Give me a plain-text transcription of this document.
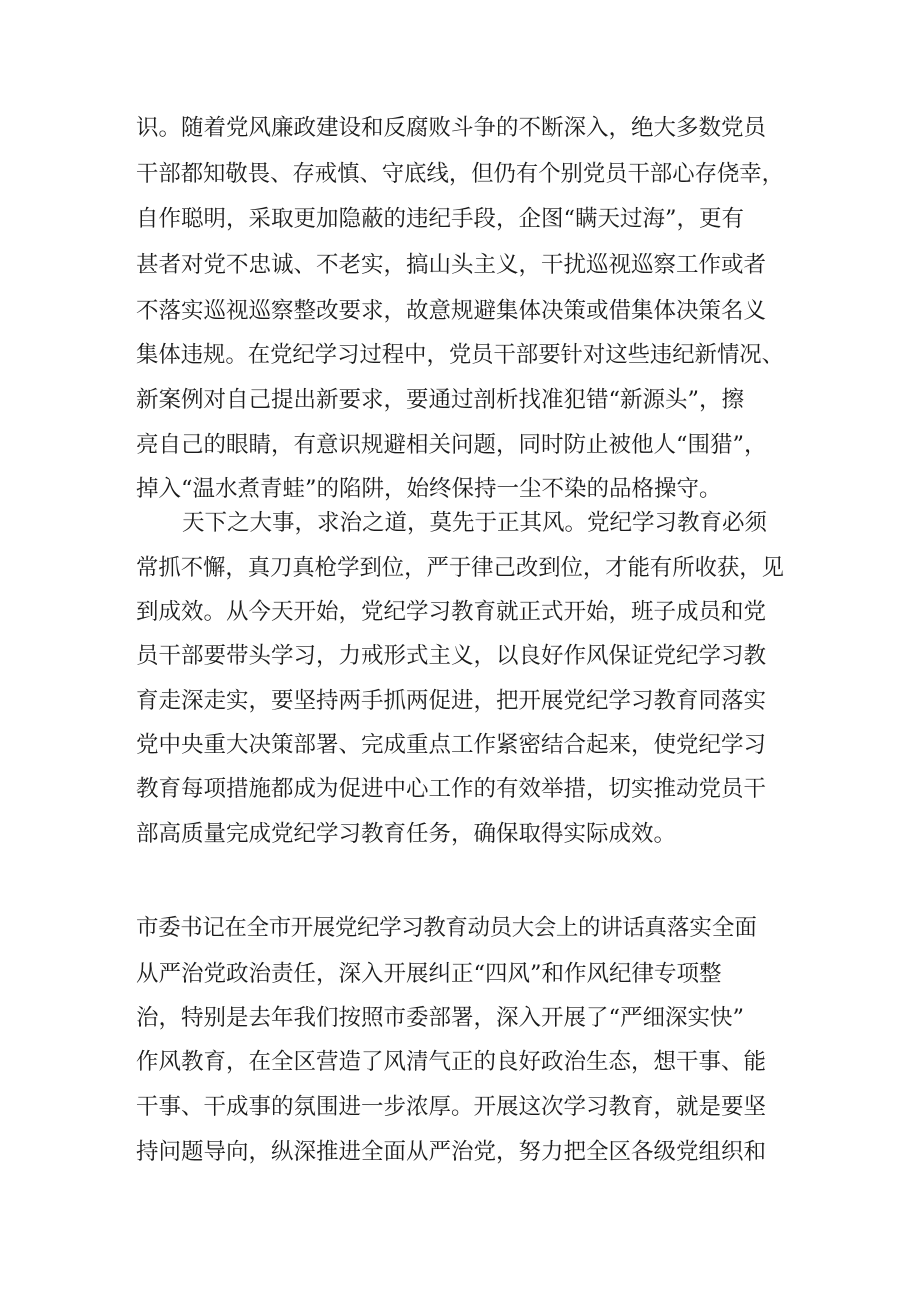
识。随着党风廉政建设和反腐败斗争的不断深入，绝大多数党员
干部都知敬畏、存戒慎、守底线，但仍有个别党员干部心存侥幸，
自作聪明，采取更加隐蔽的违纪手段，企图“瞒天过海”，更有
甚者对党不忠诚、不老实，搞山头主义，干扰巡视巡察工作或者
不落实巡视巡察整改要求，故意规避集体决策或借集体决策名义
集体违规。在党纪学习过程中，党员干部要针对这些违纪新情况、
新案例对自己提出新要求，要通过剖析找准犯错“新源头”，擦
亮自己的眼睛，有意识规避相关问题，同时防止被他人“围猎”，
掉入“温水煮青蛙”的陷阱，始终保持一尘不染的品格操守。
天下之大事，求治之道，莫先于正其风。党纪学习教育必须
常抓不懈，真刀真枪学到位，严于律己改到位，才能有所收获，见
到成效。从今天开始，党纪学习教育就正式开始，班子成员和党
员干部要带头学习，力戒形式主义，以良好作风保证党纪学习教
育走深走实，要坚持两手抓两促进，把开展党纪学习教育同落实
党中央重大决策部署、完成重点工作紧密结合起来，使党纪学习
教育每项措施都成为促进中心工作的有效举措，切实推动党员干
部高质量完成党纪学习教育任务，确保取得实际成效。
市委书记在全市开展党纪学习教育动员大会上的讲话 真落实全面
从严治党政治责任，深入开展纠正“四风”和作风纪律专项整
治，特别是去年我们按照市委部署，深入开展了“严细深实快”
作风教育，在全区营造了风清气正的良好政治生态，想干事、能
干事、干成事的氛围进一步浓厚。开展这次学习教育，就是要坚
持问题导向，纵深推进全面从严治党，努力把全区各级党组织和
